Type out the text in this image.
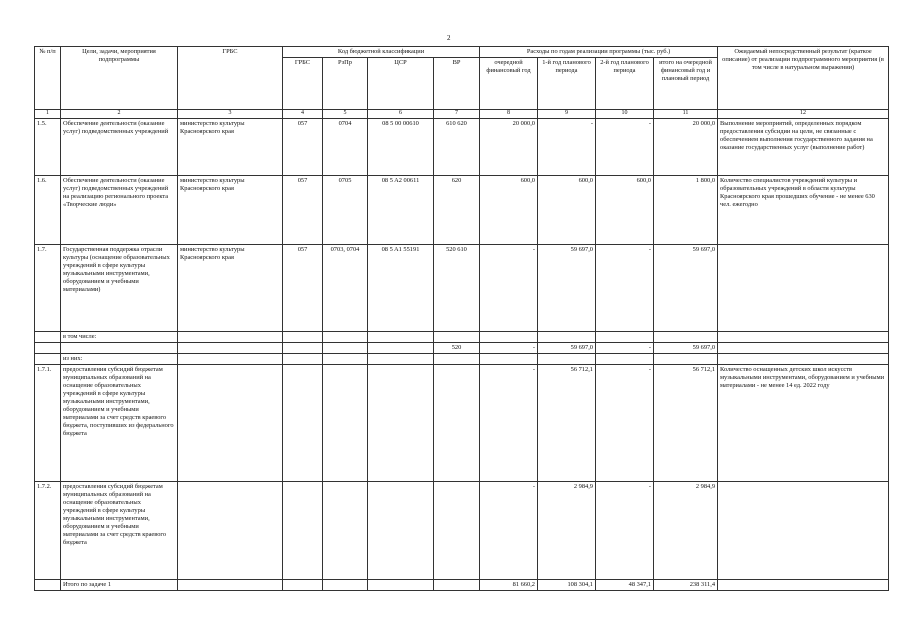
2
№ п/п	Цели, задачи, мероприятия подпрограммы	ГРБС	Код бюджетной классификации				Расходы по годам реализации программы (тыс. руб.)				Ожидаемый непосредственный результат (краткое описание) от реализации подпрограммного мероприятия (в том числе в натуральном выражении)
			ГРБС	РзПр	ЦСР	ВР	очередной финансовый год	1-й год планового периода	2-й год планового периода	итого на очередной финансовый год и плановый период	
1	2	3	4	5	6	7	8	9	10	11	12
1.5.	Обеспечение деятельности (оказание услуг) подведомственных учреждений	министерство культуры Красноярского края	057	0704	08 5 00 00610	610 620	20 000,0	-	-	20 000,0	Выполнение мероприятий, определенных порядком предоставления субсидии на цели, не связанные с обеспечением выполнения государственного задания на оказание государственных услуг (выполнение работ)
1.6.	Обеспечение деятельности (оказание услуг) подведомственных учреждений на реализацию регионального проекта «Творческие люди»	министерство культуры Красноярского края	057	0705	08 5 A2 00611	620	600,0	600,0	600,0	1 800,0	Количество специалистов учреждений культуры и образовательных учреждений в области культуры Красноярского края прошедших обучение - не менее 630 чел. ежегодно
1.7.	Государственная поддержка отрасли культуры (оснащение образовательных учреждений в сфере культуры музыкальными инструментами, оборудованием и учебными материалами)	министерство культуры Красноярского края	057	0703, 0704	08 5 A1 55191	520 610	-	59 697,0	-	59 697,0	
	в том числе:										
						520	-	59 697,0	-	59 697,0	
	из них:										
1.7.1.	предоставления субсидий бюджетам муниципальных образований на оснащение образовательных учреждений в сфере культуры музыкальными инструментами, оборудованием и учебными материалами за счет средств краевого бюджета, поступивших из федерального бюджета						-	56 712,1	-	56 712,1	Количество оснащенных детских школ искусств музыкальными инструментами, оборудованием и учебными материалами - не менее 14 ед. 2022 году
1.7.2.	предоставления субсидий бюджетам муниципальных образований на оснащение образовательных учреждений в сфере культуры музыкальными инструментами, оборудованием и учебными материалами за счет средств краевого бюджета						-	2 984,9	-	2 984,9	
	Итого по задаче 1						81 660,2	108 304,1	48 347,1	238 311,4	
